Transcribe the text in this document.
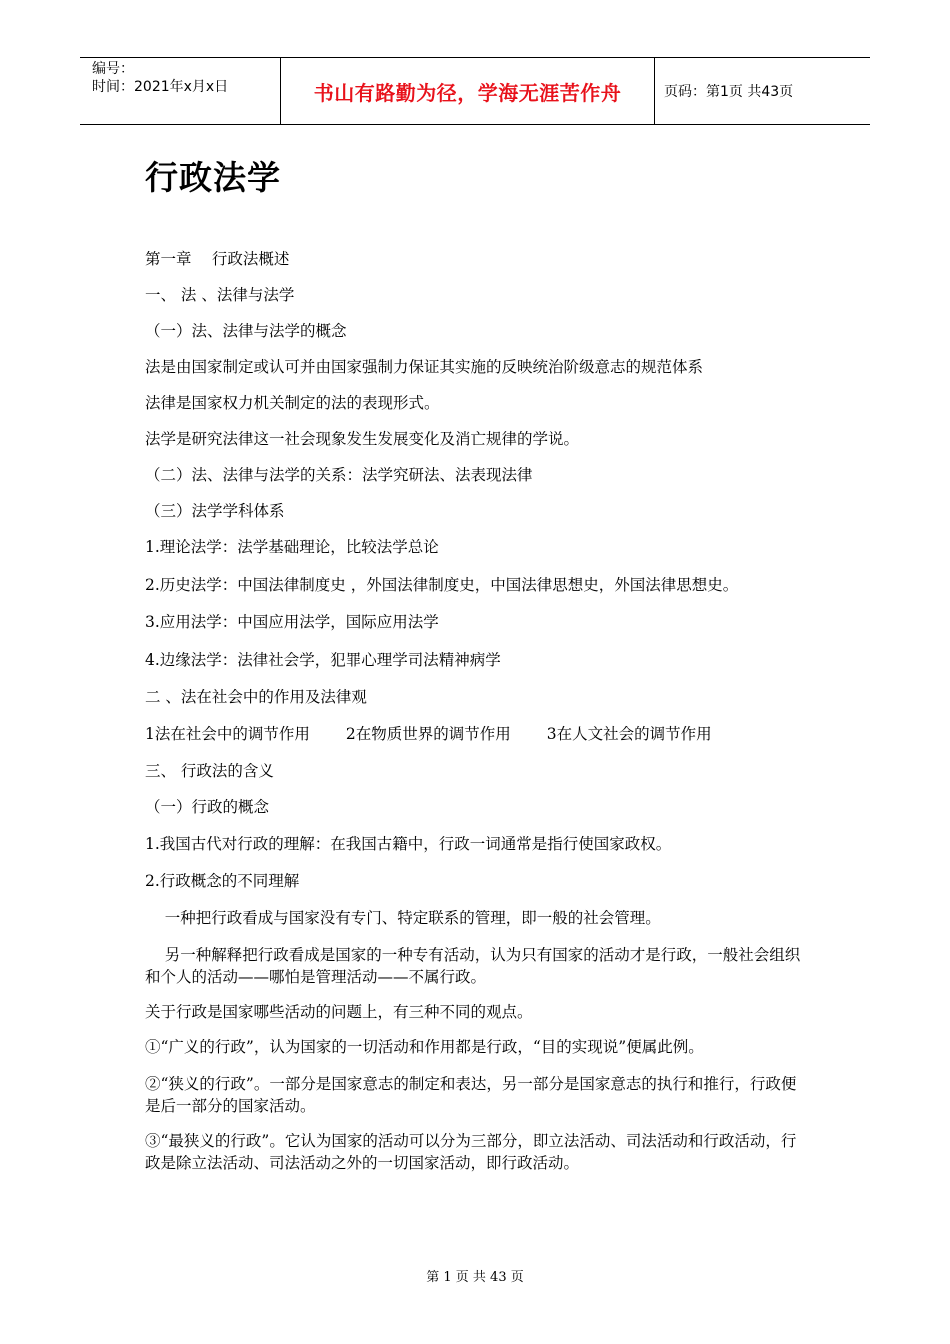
编号：
时间：2021年x月x日	书山有路勤为径，学海无涯苦作舟	页码：第1页 共43页
行政法学
第一章　 行政法概述
一、 法 、法律与法学
（一）法、法律与法学的概念
法是由国家制定或认可并由国家强制力保证其实施的反映统治阶级意志的规范体系
法律是国家权力机关制定的法的表现形式。
法学是研究法律这一社会现象发生发展变化及消亡规律的学说。
（二）法、法律与法学的关系：法学究研法、法表现法律
（三）法学学科体系
1.理论法学：法学基础理论，比较法学总论
2.历史法学：中国法律制度史 ，外国法律制度史，中国法律思想史，外国法律思想史。
3.应用法学：中国应用法学，国际应用法学
4.边缘法学：法律社会学，犯罪心理学司法精神病学
二 、法在社会中的作用及法律观
1法在社会中的调节作用 2在物质世界的调节作用 3在人文社会的调节作用
三、 行政法的含义
（一）行政的概念
1.我国古代对行政的理解：在我国古籍中，行政一词通常是指行使国家政权。
2.行政概念的不同理解
一种把行政看成与国家没有专门、特定联系的管理，即一般的社会管理。
另一种解释把行政看成是国家的一种专有活动，认为只有国家的活动才是行政，一般社会组织和个人的活动——哪怕是管理活动——不属行政。
关于行政是国家哪些活动的问题上，有三种不同的观点。
①“广义的行政”，认为国家的一切活动和作用都是行政，“目的实现说”便属此例。
②“狭义的行政”。一部分是国家意志的制定和表达，另一部分是国家意志的执行和推行，行政便是后一部分的国家活动。
③“最狭义的行政”。它认为国家的活动可以分为三部分，即立法活动、司法活动和行政活动，行政是除立法活动、司法活动之外的一切国家活动，即行政活动。
第 1 页 共 43 页
